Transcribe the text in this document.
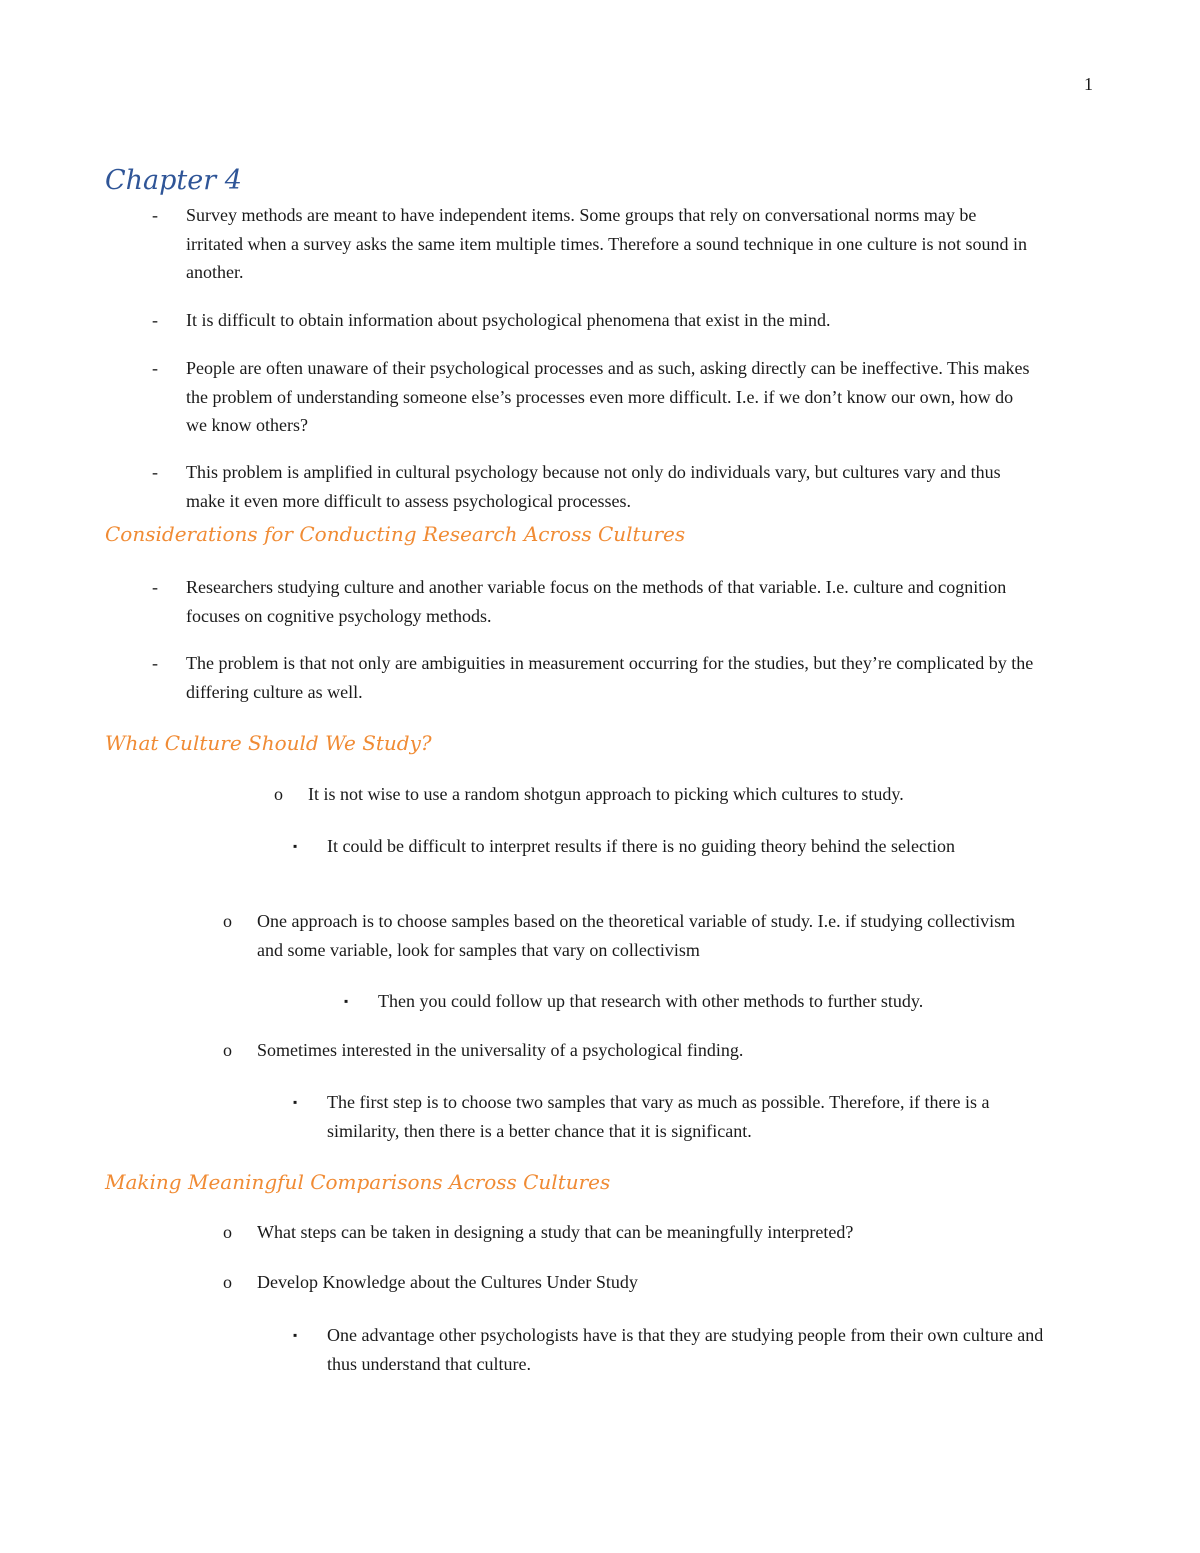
1
Chapter 4
- Survey methods are meant to have independent items. Some groups that rely on conversational norms may be irritated when a survey asks the same item multiple times. Therefore a sound technique in one culture is not sound in another.
- It is difficult to obtain information about psychological phenomena that exist in the mind.
- People are often unaware of their psychological processes and as such, asking directly can be ineffective. This makes the problem of understanding someone else’s processes even more difficult. I.e. if we don’t know our own, how do we know others?
- This problem is amplified in cultural psychology because not only do individuals vary, but cultures vary and thus make it even more difficult to assess psychological processes.
Considerations for Conducting Research Across Cultures
- Researchers studying culture and another variable focus on the methods of that variable. I.e. culture and cognition focuses on cognitive psychology methods.
- The problem is that not only are ambiguities in measurement occurring for the studies, but they’re complicated by the differing culture as well.
What Culture Should We Study?
o It is not wise to use a random shotgun approach to picking which cultures to study.
▪ It could be difficult to interpret results if there is no guiding theory behind the selection
o One approach is to choose samples based on the theoretical variable of study. I.e. if studying collectivism and some variable, look for samples that vary on collectivism
▪ Then you could follow up that research with other methods to further study.
o Sometimes interested in the universality of a psychological finding.
▪ The first step is to choose two samples that vary as much as possible. Therefore, if there is a similarity, then there is a better chance that it is significant.
Making Meaningful Comparisons Across Cultures
o What steps can be taken in designing a study that can be meaningfully interpreted?
o Develop Knowledge about the Cultures Under Study
▪ One advantage other psychologists have is that they are studying people from their own culture and thus understand that culture.
